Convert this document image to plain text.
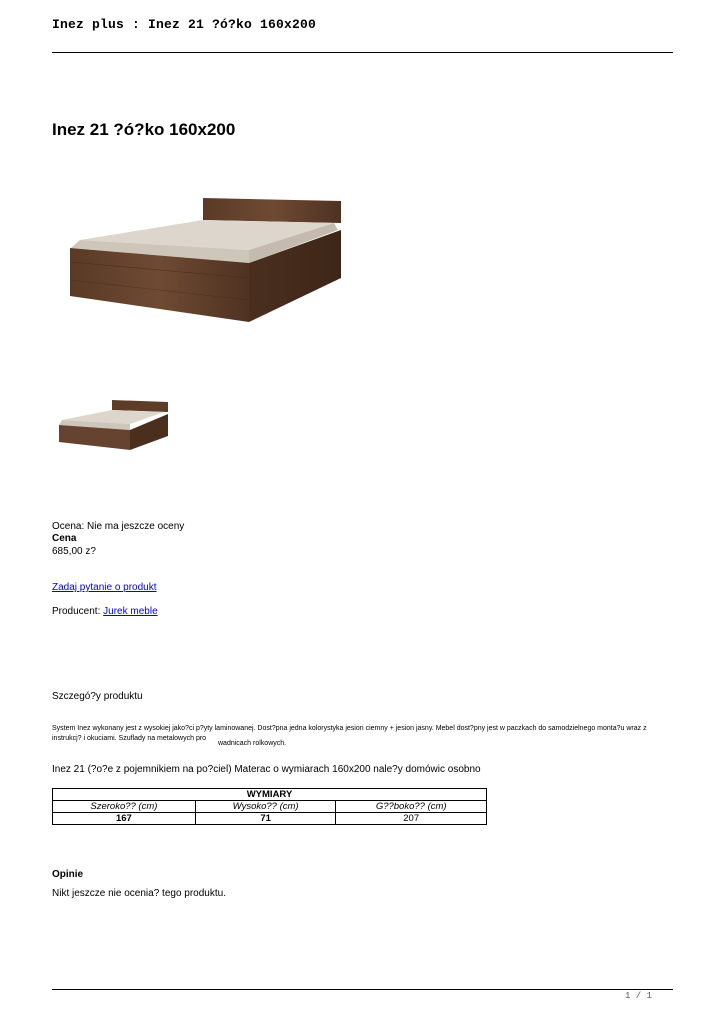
Inez plus : Inez 21 ?ó?ko 160x200
Inez 21 ?ó?ko 160x200
Ocena: Nie ma jeszcze oceny
Cena
685,00 z?
Zadaj pytanie o produkt
Producent: Jurek meble
Szczegó?y produktu
System Inez wykonany jest z wysokiej jako?ci p?yty laminowanej. Dost?pna jedna kolorystyka jesion ciemny + jesion jasny. Mebel dost?pny jest w paczkach do samodzielnego monta?u wraz z instrukcj? i okuciami. Szuflady na metalowych pro
wadnicach rolkowych.
Inez 21 (?o?e z pojemnikiem na po?ciel) Materac o wymiarach 160x200 nale?y domówic osobno
WYMIARY		
Szeroko?? (cm)	Wysoko?? (cm)	G??boko?? (cm)
167	71	207
Opinie
Nikt jeszcze nie ocenia? tego produktu.
1 / 1
